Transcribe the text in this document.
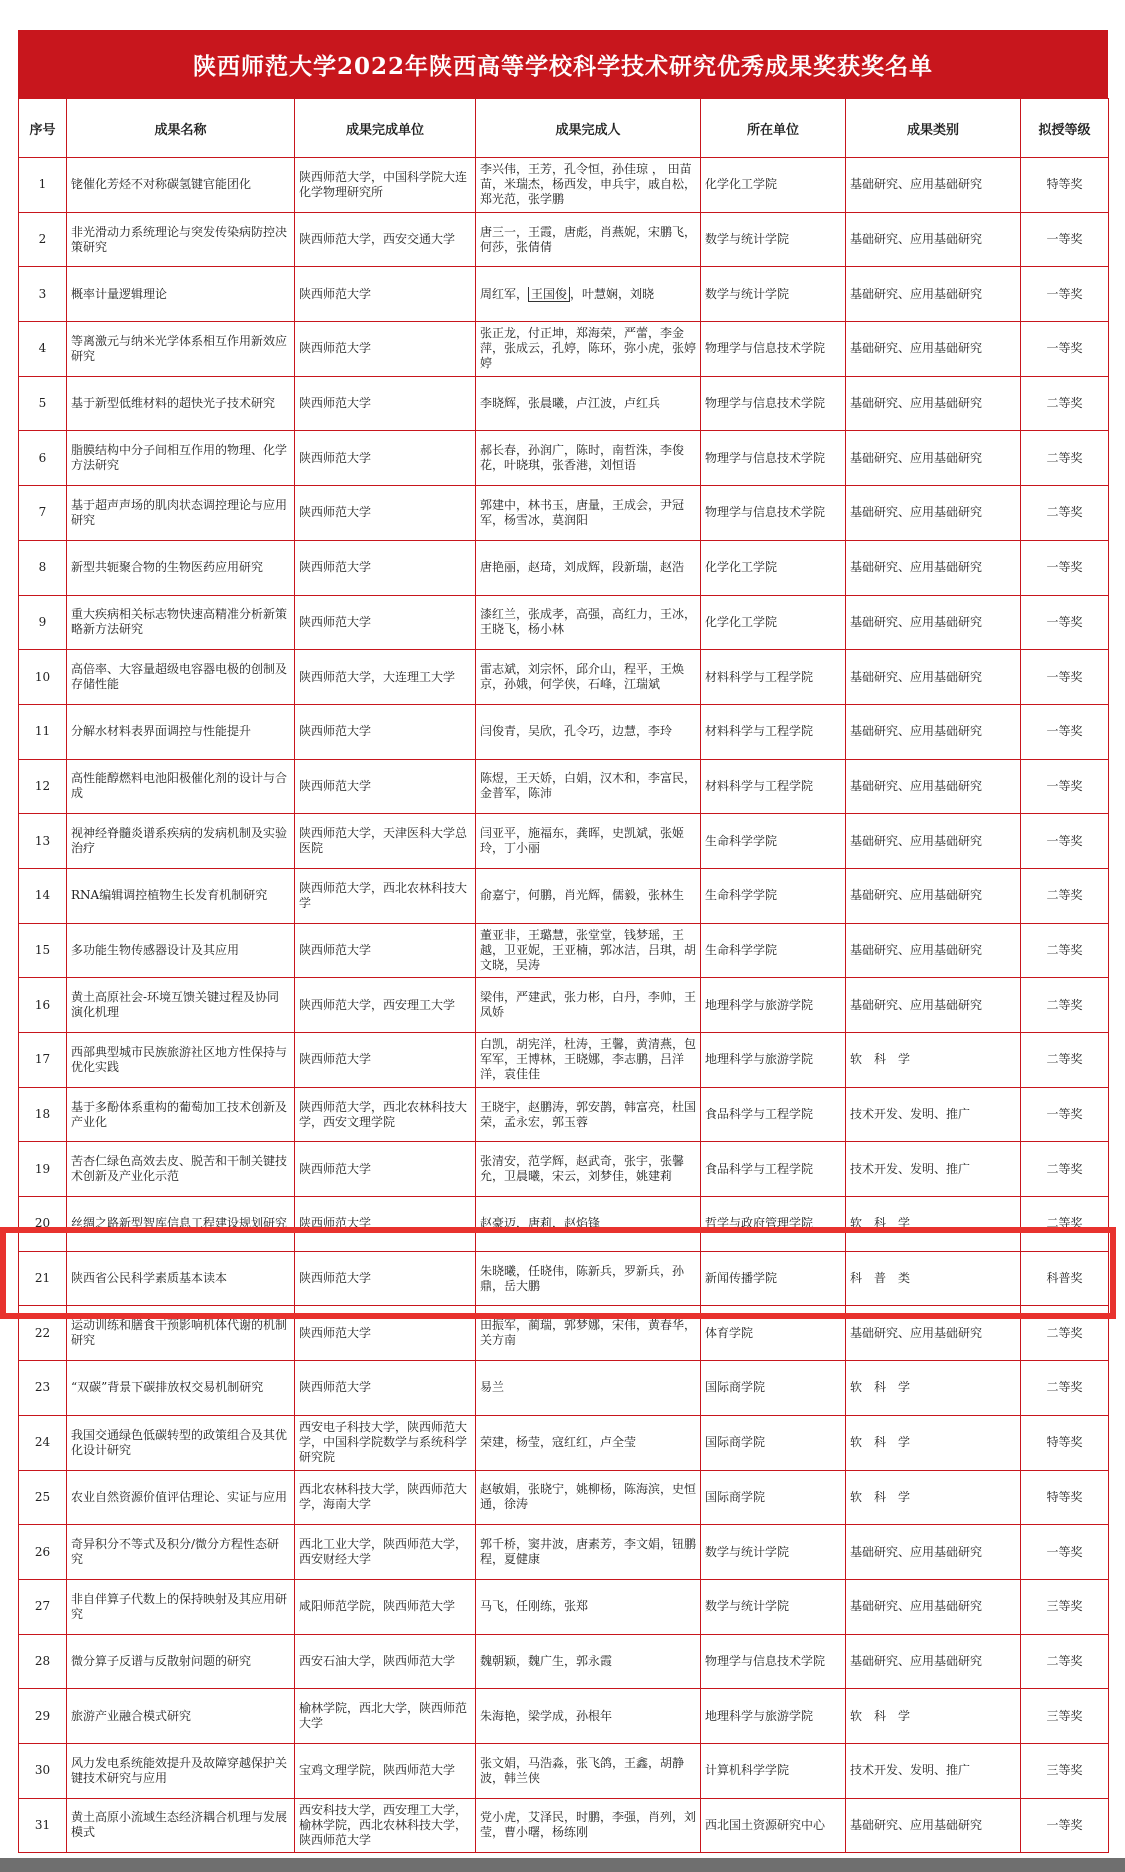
陕西师范大学2022年陕西高等学校科学技术研究优秀成果奖获奖名单
序号	成果名称	成果完成单位	成果完成人	所在单位	成果类别	拟授等级

1	铑催化芳烃不对称碳氢键官能团化	陕西师范大学，中国科学院大连化学物理研究所	李兴伟，王芳，孔令恒，孙佳琼 ， 田苗苗，米瑞杰，杨西发，申兵宇，戚自松，郑光范，张学鹏	化学化工学院	基础研究、应用基础研究	特等奖

2	非光滑动力系统理论与突发传染病防控决策研究	陕西师范大学，西安交通大学	唐三一，王霞，唐彪，肖燕妮，宋鹏飞，何莎，张倩倩	数学与统计学院	基础研究、应用基础研究	一等奖

3	概率计量逻辑理论	陕西师范大学	周红军， 王国俊 ，叶慧娴，刘晓	数学与统计学院	基础研究、应用基础研究	一等奖

4	等离激元与纳米光学体系相互作用新效应研究	陕西师范大学	张正龙，付正坤，郑海荣，严蕾，李金萍，张成云，孔婷，陈环，弥小虎，张婷婷	物理学与信息技术学院	基础研究、应用基础研究	一等奖

5	基于新型低维材料的超快光子技术研究	陕西师范大学	李晓辉，张晨曦，卢江波，卢红兵	物理学与信息技术学院	基础研究、应用基础研究	二等奖

6	脂膜结构中分子间相互作用的物理、化学方法研究	陕西师范大学	郝长春，孙润广，陈时，南哲洙，李俊花，叶晓琪，张香港，刘恒语	物理学与信息技术学院	基础研究、应用基础研究	二等奖

7	基于超声声场的肌肉状态调控理论与应用研究	陕西师范大学	郭建中，林书玉，唐量，王成会，尹冠军，杨雪冰，莫润阳	物理学与信息技术学院	基础研究、应用基础研究	二等奖

8	新型共轭聚合物的生物医药应用研究	陕西师范大学	唐艳丽，赵琦，刘成辉，段新瑞，赵浩	化学化工学院	基础研究、应用基础研究	一等奖

9	重大疾病相关标志物快速高精准分析新策略新方法研究	陕西师范大学	漆红兰，张成孝，高强，高红力，王冰，王晓飞，杨小林	化学化工学院	基础研究、应用基础研究	一等奖

10	高倍率、大容量超级电容器电极的创制及存储性能	陕西师范大学，大连理工大学	雷志斌，刘宗怀，邱介山，程平，王焕京，孙娥，何学侠，石峰，江瑞斌	材料科学与工程学院	基础研究、应用基础研究	一等奖

11	分解水材料表界面调控与性能提升	陕西师范大学	闫俊青，吴欣，孔令巧，边慧，李玲	材料科学与工程学院	基础研究、应用基础研究	一等奖

12	高性能醇燃料电池阳极催化剂的设计与合成	陕西师范大学	陈煜，王天娇，白娟，汉木和，李富民，金普军，陈沛	材料科学与工程学院	基础研究、应用基础研究	一等奖

13	视神经脊髓炎谱系疾病的发病机制及实验治疗	陕西师范大学，天津医科大学总医院	闫亚平，施福东，龚晖，史凯斌，张姬玲，丁小丽	生命科学学院	基础研究、应用基础研究	一等奖

14	RNA编辑调控植物生长发育机制研究	陕西师范大学，西北农林科技大学	俞嘉宁，何鹏，肖光辉，儒毅，张林生	生命科学学院	基础研究、应用基础研究	二等奖

15	多功能生物传感器设计及其应用	陕西师范大学	董亚非，王璐慧，张堂堂，钱梦瑶，王越，卫亚妮，王亚楠，郭冰洁，吕琪，胡文晓，吴涛	生命科学学院	基础研究、应用基础研究	二等奖

16	黄土高原社会-环境互馈关键过程及协同演化机理	陕西师范大学，西安理工大学	梁伟，严建武，张力彬，白丹，李帅，王凤娇	地理科学与旅游学院	基础研究、应用基础研究	二等奖

17	西部典型城市民族旅游社区地方性保持与优化实践	陕西师范大学	白凯，胡宪洋，杜涛，王馨，黄清燕，包军军，王博林，王晓娜，李志鹏，吕洋洋，袁佳佳	地理科学与旅游学院	软　科　学	二等奖

18	基于多酚体系重构的葡萄加工技术创新及产业化	陕西师范大学，西北农林科技大学，西安文理学院	王晓宇，赵鹏涛，郭安鹊，韩富亮，杜国荣，孟永宏，郭玉蓉	食品科学与工程学院	技术开发、发明、推广	一等奖

19	苦杏仁绿色高效去皮、脱苦和干制关键技术创新及产业化示范	陕西师范大学	张清安，范学辉，赵武奇，张宇，张馨允，卫晨曦，宋云，刘梦佳，姚建莉	食品科学与工程学院	技术开发、发明、推广	二等奖

20	丝绸之路新型智库信息工程建设规划研究	陕西师范大学	赵豪迈，唐莉，赵焰锋	哲学与政府管理学院	软　科　学	二等奖

21	陕西省公民科学素质基本读本	陕西师范大学	朱晓曦，任晓伟，陈新兵，罗新兵，孙鼎，岳大鹏	新闻传播学院	科　普　类	科普奖

22	运动训练和膳食干预影响机体代谢的机制研究	陕西师范大学	田振军，蔺瑞，郭梦娜，宋伟，黄春华，关方南	体育学院	基础研究、应用基础研究	二等奖

23	“双碳”背景下碳排放权交易机制研究	陕西师范大学	易兰	国际商学院	软　科　学	二等奖

24	我国交通绿色低碳转型的政策组合及其优化设计研究	西安电子科技大学，陕西师范大学，中国科学院数学与系统科学研究院	荣建，杨莹，寇红红，卢全莹	国际商学院	软　科　学	特等奖

25	农业自然资源价值评估理论、实证与应用	西北农林科技大学，陕西师范大学，海南大学	赵敏娟，张晓宁，姚柳杨，陈海滨，史恒通，徐涛	国际商学院	软　科　学	特等奖

26	奇异积分不等式及积分/微分方程性态研究	西北工业大学，陕西师范大学，西安财经大学	郭千桥，窦井波，唐素芳，李文娟，钮鹏程，夏健康	数学与统计学院	基础研究、应用基础研究	一等奖

27	非自伴算子代数上的保持映射及其应用研究	咸阳师范学院，陕西师范大学	马飞，任刚练，张郑	数学与统计学院	基础研究、应用基础研究	三等奖

28	微分算子反谱与反散射问题的研究	西安石油大学，陕西师范大学	魏朝颖，魏广生，郭永霞	物理学与信息技术学院	基础研究、应用基础研究	二等奖

29	旅游产业融合模式研究	榆林学院，西北大学，陕西师范大学	朱海艳，梁学成，孙根年	地理科学与旅游学院	软　科　学	三等奖

30	风力发电系统能效提升及故障穿越保护关键技术研究与应用	宝鸡文理学院，陕西师范大学	张文娟，马浩淼，张飞鸽，王鑫，胡静波，韩兰侠	计算机科学学院	技术开发、发明、推广	三等奖

31	黄土高原小流域生态经济耦合机理与发展模式	西安科技大学，西安理工大学，榆林学院，西北农林科技大学，陕西师范大学	党小虎，艾泽民，时鹏，李强，肖列，刘莹，曹小曙，杨练刚	西北国土资源研究中心	基础研究、应用基础研究	一等奖
